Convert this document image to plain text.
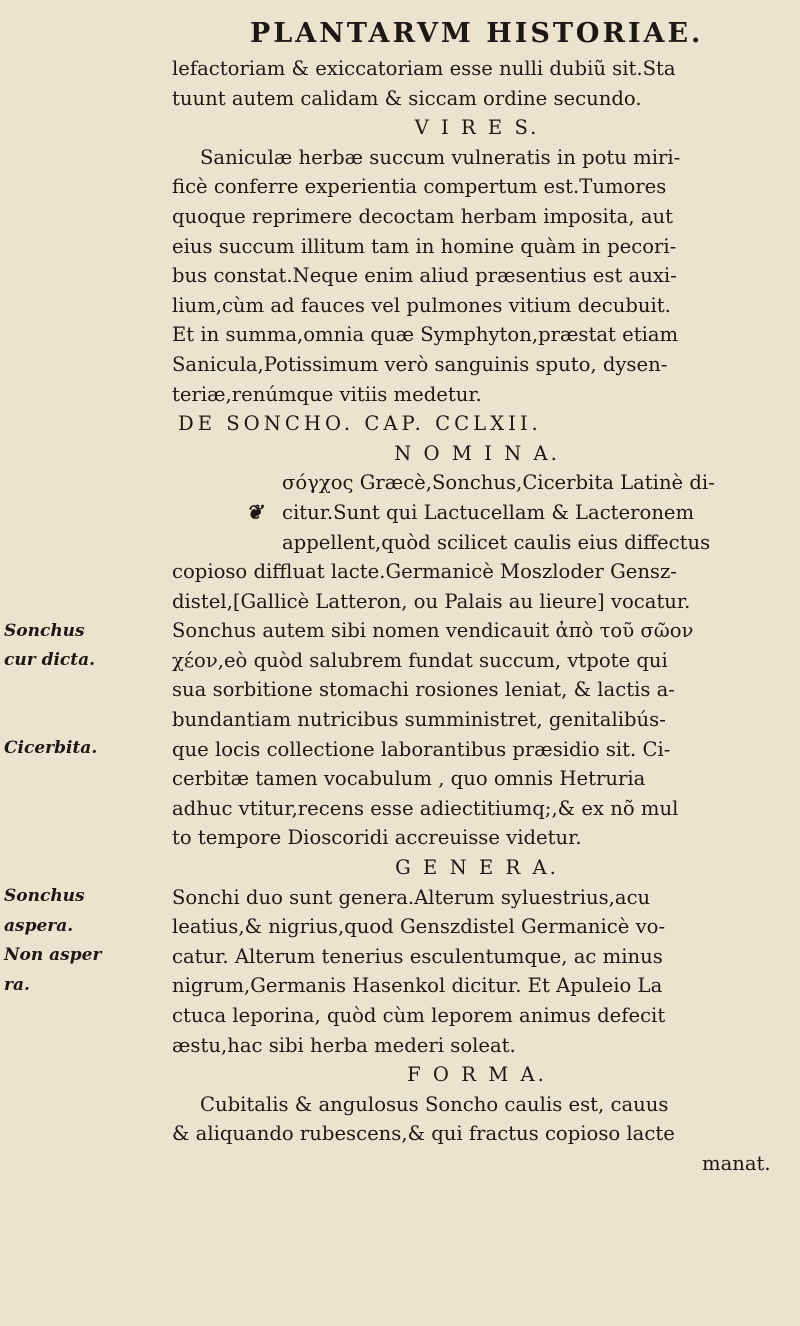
PLANTARVM HISTORIAE.
lefactoriam & exiccatoriam esse nulli dubiũ sit.Sta
tuunt autem calidam & siccam ordine secundo.
V I R E S.
Saniculæ herbæ succum vulneratis in potu miri-
ficè conferre experientia compertum est.Tumores
quoque reprimere decoctam herbam imposita, aut
eius succum illitum tam in homine quàm in pecori-
bus constat.Neque enim aliud præsentius est auxi-
lium,cùm ad fauces vel pulmones vitium decubuit.
Et in summa,omnia quæ Symphyton,præstat etiam
Sanicula,Potissimum verò sanguinis sputo, dysen-
teriæ,renúmque vitiis medetur.
DE SONCHO. CAP. CCLXII.
N O M I N A.
σόγχος Græcè,Sonchus,Cicerbita Latinè di-
citur.Sunt qui Lactucellam & Lacteronem
appellent,quòd scilicet caulis eius diffectus
copioso diffluat lacte.Germanicè Moszloder Gensz-
distel,[Gallicè Latteron, ou Palais au lieure] vocatur.
Sonchus autem sibi nomen vendicauit ἀπὸ τοῦ σῶον
χέον,eò quòd salubrem fundat succum, vtpote qui
sua sorbitione stomachi rosiones leniat, & lactis a-
bundantiam nutricibus sumministret, genitalibús-
que locis collectione laborantibus præsidio sit. Ci-
cerbitæ tamen vocabulum , quo omnis Hetruria
adhuc vtitur,recens esse adiectitiumq;,& ex nõ mul
to tempore Dioscoridi accreuisse videtur.
G E N E R A.
Sonchi duo sunt genera.Alterum syluestrius,acu
leatius,& nigrius,quod Genszdistel Germanicè vo-
catur. Alterum tenerius esculentumque, ac minus
nigrum,Germanis Hasenkol dicitur. Et Apuleio La
ctuca leporina, quòd cùm leporem animus defecit
æstu,hac sibi herba mederi soleat.
F O R M A.
Cubitalis & angulosus Soncho caulis est, cauus
& aliquando rubescens,& qui fractus copioso lacte
manat.
Sonchus
cur dicta.
Cicerbita.
Sonchus
aspera.
Non asper
ra.
❦
